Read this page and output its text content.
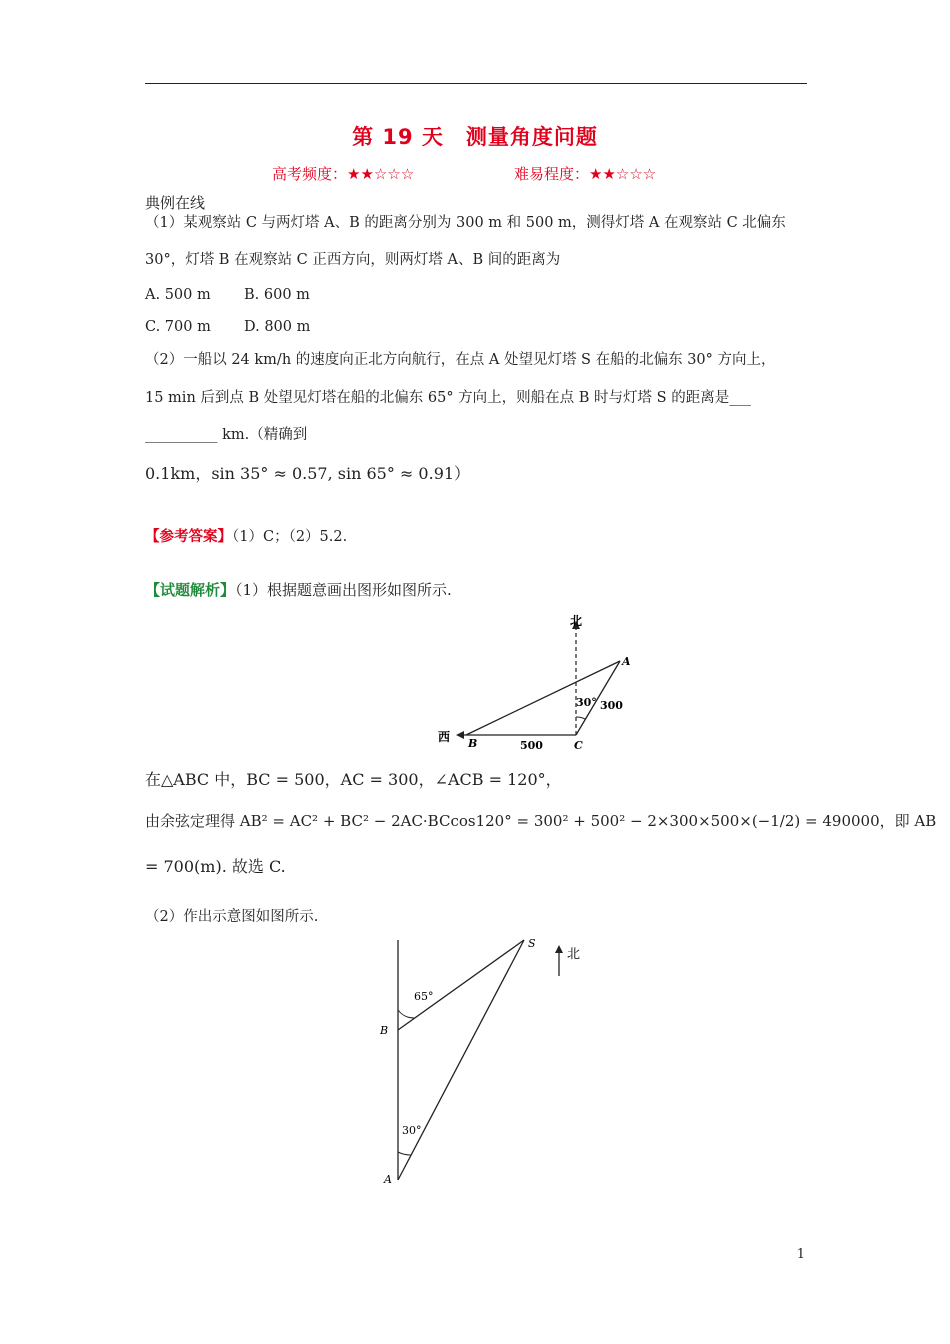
第 19 天　测量角度问题
高考频度：★★☆☆☆	难易程度：★★☆☆☆
典例在线
（1）某观察站 C 与两灯塔 A、B 的距离分别为 300 m 和 500 m，测得灯塔 A 在观察站 C 北偏东
30°，灯塔 B 在观察站 C 正西方向，则两灯塔 A、B 间的距离为
A. 500 m B. 600 m
C. 700 m D. 800 m
（2）一船以 24 km/h 的速度向正北方向航行，在点 A 处望见灯塔 S 在船的北偏东 30° 方向上，
15 min 后到点 B 处望见灯塔在船的北偏东 65° 方向上，则船在点 B 时与灯塔 S 的距离是___
__________ km.（精确到
0.1km，sin 35° ≈ 0.57, sin 65° ≈ 0.91）
【参考答案】（1）C；（2）5.2.
【试题解析】（1）根据题意画出图形如图所示.
北
西
A
B	C
30° 300
500
在△ABC 中，BC = 500，AC = 300，∠ACB = 120°，
由余弦定理得 AB² = AC² + BC² − 2AC·BCcos120° = 300² + 500² − 2×300×500×(−1/2) = 490000，即 AB
= 700(m). 故选 C.
（2）作出示意图如图所示.
北
S
B
A
65°
30°
1
